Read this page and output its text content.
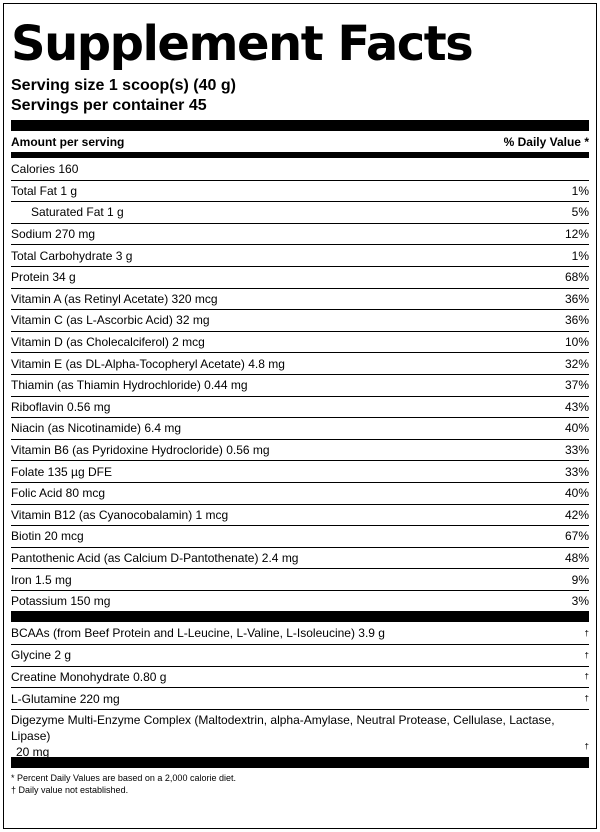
Supplement Facts
Serving size 1 scoop(s) (40 g)
Servings per container 45
Amount per serving	% Daily Value *
Calories 160
Total Fat 1 g	1%
Saturated Fat 1 g	5%
Sodium 270 mg	12%
Total Carbohydrate 3 g	1%
Protein 34 g	68%
Vitamin A (as Retinyl Acetate) 320 mcg	36%
Vitamin C (as L-Ascorbic Acid) 32 mg	36%
Vitamin D (as Cholecalciferol) 2 mcg	10%
Vitamin E (as DL-Alpha-Tocopheryl Acetate) 4.8 mg	32%
Thiamin (as Thiamin Hydrochloride) 0.44 mg	37%
Riboflavin 0.56 mg	43%
Niacin (as Nicotinamide) 6.4 mg	40%
Vitamin B6 (as Pyridoxine Hydrocloride) 0.56 mg	33%
Folate 135 µg DFE	33%
Folic Acid 80 mcg	40%
Vitamin B12 (as Cyanocobalamin) 1 mcg	42%
Biotin 20 mcg	67%
Pantothenic Acid (as Calcium D-Pantothenate) 2.4 mg	48%
Iron 1.5 mg	9%
Potassium 150 mg	3%
BCAAs (from Beef Protein and L-Leucine, L-Valine, L-Isoleucine) 3.9 g	†
Glycine 2 g	†
Creatine Monohydrate 0.80 g	†
L-Glutamine 220 mg	†
Digezyme Multi-Enzyme Complex (Maltodextrin, alpha-Amylase, Neutral Protease, Cellulase, Lactase, Lipase)
20 mg	†
* Percent Daily Values are based on a 2,000 calorie diet.
† Daily value not established.
